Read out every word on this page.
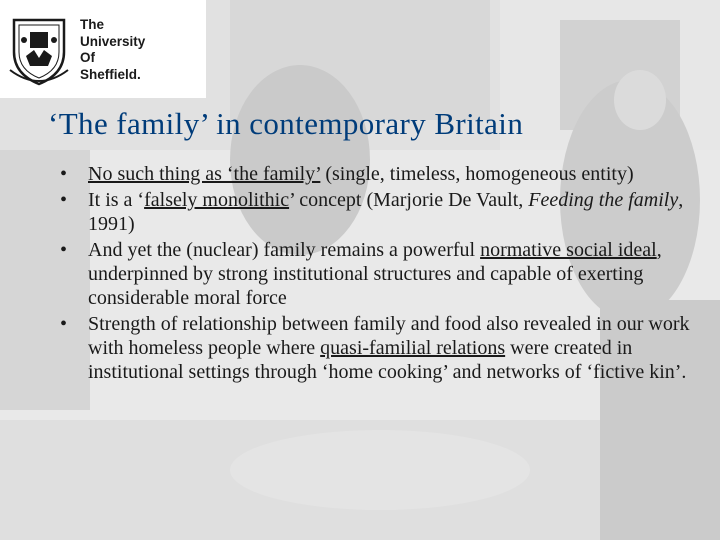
The
University
Of
Sheffield.
‘The family’ in contemporary Britain
• No such thing as ‘the family’ (single, timeless, homogeneous entity)
• It is a ‘falsely monolithic’ concept (Marjorie De Vault, Feeding the family, 1991)
• And yet the (nuclear) family remains a powerful normative social ideal, underpinned by strong institutional structures and capable of exerting considerable moral force
• Strength of relationship between family and food also revealed in our work with homeless people where quasi-familial relations were created in institutional settings through ‘home cooking’ and networks of ‘fictive kin’.
